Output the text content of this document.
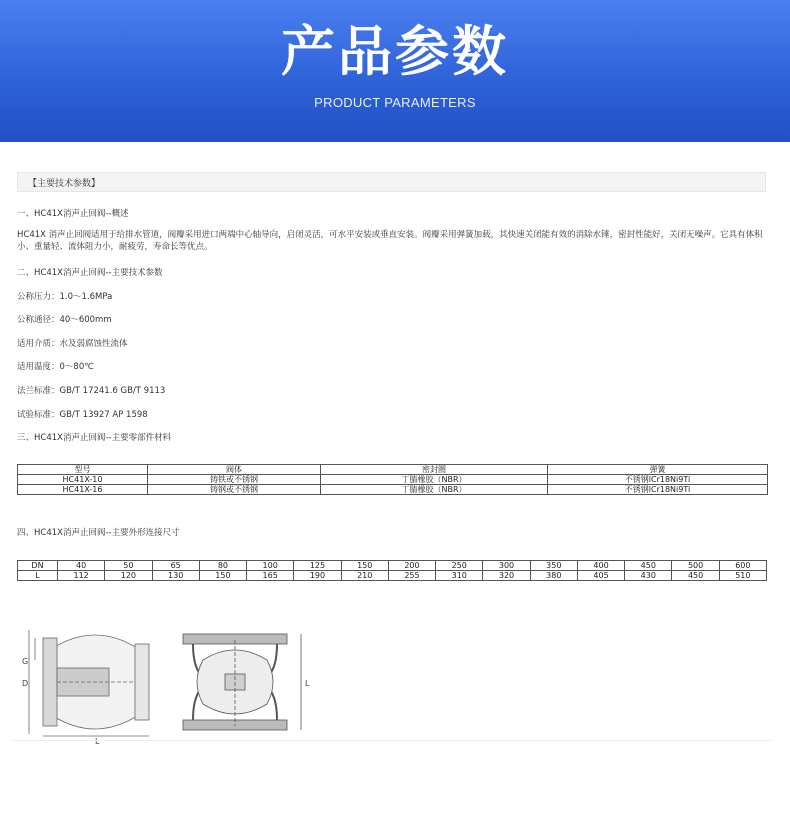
产品参数
PRODUCT PARAMETERS
【主要技术参数】
一、HC41X消声止回阀--概述
HC41X 消声止回阀适用于给排水管道，阀瓣采用进口两端中心轴导向，启闭灵活，可水平安装或垂直安装。阀瓣采用弹簧加载，其快速关闭能有效的消除水锤，密封性能好，关闭无噪声。它具有体积小、重量轻、流体阻力小，耐疲劳，寿命长等优点。
二、HC41X消声止回阀--主要技术参数
公称压力：1.0～1.6MPa
公称通径：40～600mm
适用介质：水及弱腐蚀性流体
适用温度：0～80℃
法兰标准：GB/T 17241.6 GB/T 9113
试验标准：GB/T 13927 AP 1598
三、HC41X消声止回阀--主要零部件材料
型号	阀体	密封圈	弹簧
HC41X-10	铸铁或不锈钢	丁腈橡胶（NBR）	不锈钢lCr18Ni9Ti
HC41X-16	铸钢或不锈钢	丁腈橡胶（NBR）	不锈钢lCr18Ni9Ti
四、HC41X消声止回阀--主要外形连接尺寸
DN	40	50	65	80	100	125	150	200	250	300	350	400	450	500	600
L	112	120	130	150	165	190	210	255	310	320	380	405	430	450	510
G
D	L
